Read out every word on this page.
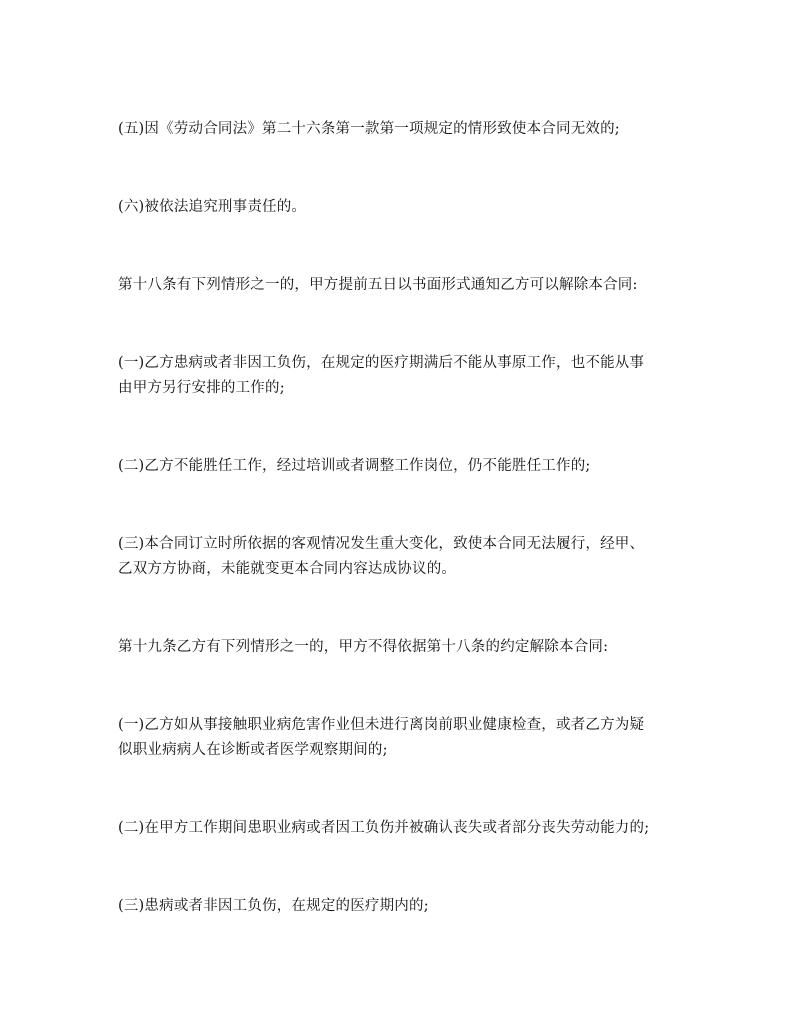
(五)因《劳动合同法》第二十六条第一款第一项规定的情形致使本合同无效的;

(六)被依法追究刑事责任的。

第十八条有下列情形之一的，甲方提前五日以书面形式通知乙方可以解除本合同:

(一)乙方患病或者非因工负伤，在规定的医疗期满后不能从事原工作，也不能从事
由甲方另行安排的工作的;

(二)乙方不能胜任工作，经过培训或者调整工作岗位，仍不能胜任工作的;

(三)本合同订立时所依据的客观情况发生重大变化，致使本合同无法履行，经甲、
乙双方方协商，未能就变更本合同内容达成协议的。

第十九条乙方有下列情形之一的，甲方不得依据第十八条的约定解除本合同:

(一)乙方如从事接触职业病危害作业但未进行离岗前职业健康检查，或者乙方为疑
似职业病病人在诊断或者医学观察期间的;

(二)在甲方工作期间患职业病或者因工负伤并被确认丧失或者部分丧失劳动能力的;

(三)患病或者非因工负伤，在规定的医疗期内的;
